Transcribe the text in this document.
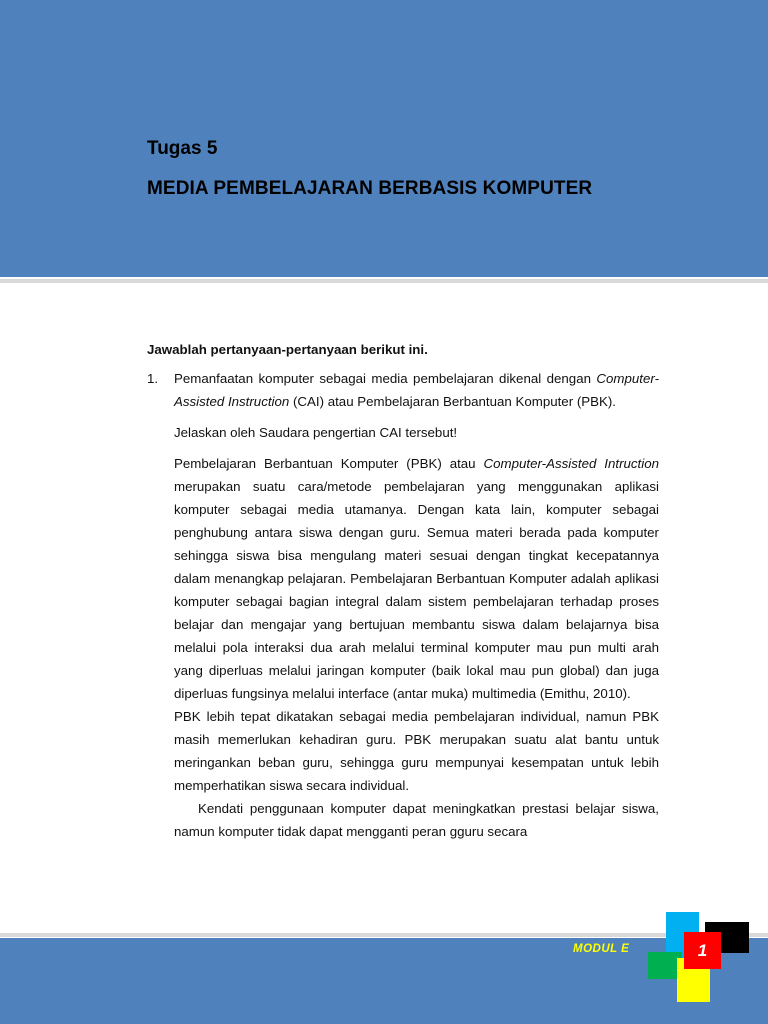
Tugas 5
MEDIA PEMBELAJARAN BERBASIS KOMPUTER

Jawablah pertanyaan-pertanyaan berikut ini.

1. Pemanfaatan komputer sebagai media pembelajaran dikenal dengan Computer-Assisted Instruction (CAI) atau Pembelajaran Berbantuan Komputer (PBK).

Jelaskan oleh Saudara pengertian CAI tersebut!

Pembelajaran Berbantuan Komputer (PBK) atau Computer-Assisted Intruction merupakan suatu cara/metode pembelajaran yang menggunakan aplikasi komputer sebagai media utamanya. Dengan kata lain, komputer sebagai penghubung antara siswa dengan guru. Semua materi berada pada komputer sehingga siswa bisa mengulang materi sesuai dengan tingkat kecepatannya dalam menangkap pelajaran. Pembelajaran Berbantuan Komputer adalah aplikasi komputer sebagai bagian integral dalam sistem pembelajaran terhadap proses belajar dan mengajar yang bertujuan membantu siswa dalam belajarnya bisa melalui pola interaksi dua arah melalui terminal komputer mau pun multi arah yang diperluas melalui jaringan komputer (baik lokal mau pun global) dan juga diperluas fungsinya melalui interface (antar muka) multimedia (Emithu, 2010).

PBK lebih tepat dikatakan sebagai media pembelajaran individual, namun PBK masih memerlukan kehadiran guru. PBK merupakan suatu alat bantu untuk meringankan beban guru, sehingga guru mempunyai kesempatan untuk lebih memperhatikan siswa secara individual.

Kendati penggunaan komputer dapat meningkatkan prestasi belajar siswa, namun komputer tidak dapat mengganti peran gguru secara

MODUL E	1
